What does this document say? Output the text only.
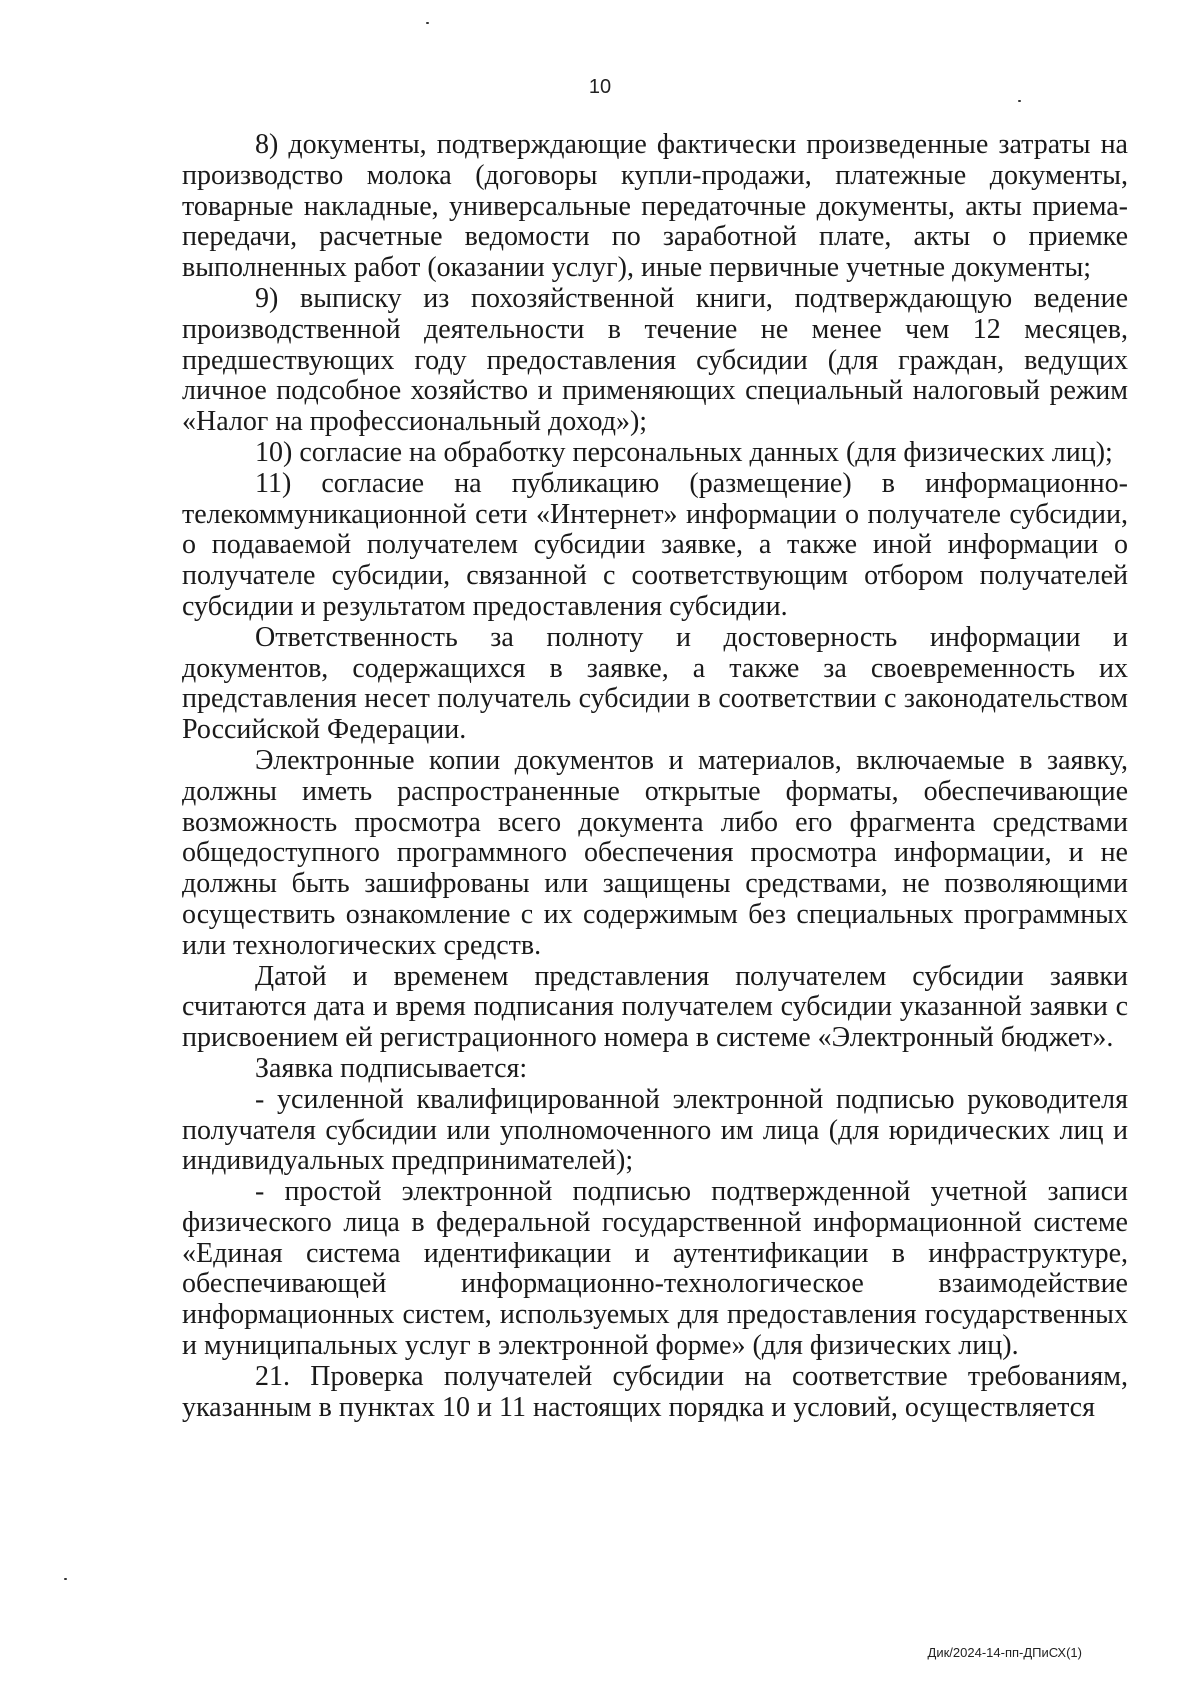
10

8) документы, подтверждающие фактически произведенные затраты на производство молока (договоры купли-продажи, платежные документы, товарные накладные, универсальные передаточные документы, акты приема-передачи, расчетные ведомости по заработной плате, акты о приемке выполненных работ (оказании услуг), иные первичные учетные документы;

9) выписку из похозяйственной книги, подтверждающую ведение производственной деятельности в течение не менее чем 12 месяцев, предшествующих году предоставления субсидии (для граждан, ведущих личное подсобное хозяйство и применяющих специальный налоговый режим «Налог на профессиональный доход»);

10) согласие на обработку персональных данных (для физических лиц);

11) согласие на публикацию (размещение) в информационно-телекоммуникационной сети «Интернет» информации о получателе субсидии, о подаваемой получателем субсидии заявке, а также иной информации о получателе субсидии, связанной с соответствующим отбором получателей субсидии и результатом предоставления субсидии.

Ответственность за полноту и достоверность информации и документов, содержащихся в заявке, а также за своевременность их представления несет получатель субсидии в соответствии с законодательством Российской Федерации.

Электронные копии документов и материалов, включаемые в заявку, должны иметь распространенные открытые форматы, обеспечивающие возможность просмотра всего документа либо его фрагмента средствами общедоступного программного обеспечения просмотра информации, и не должны быть зашифрованы или защищены средствами, не позволяющими осуществить ознакомление с их содержимым без специальных программных или технологических средств.

Датой и временем представления получателем субсидии заявки считаются дата и время подписания получателем субсидии указанной заявки с присвоением ей регистрационного номера в системе «Электронный бюджет».

Заявка подписывается:

- усиленной квалифицированной электронной подписью руководителя получателя субсидии или уполномоченного им лица (для юридических лиц и индивидуальных предпринимателей);

- простой электронной подписью подтвержденной учетной записи физического лица в федеральной государственной информационной системе «Единая система идентификации и аутентификации в инфраструктуре, обеспечивающей информационно-технологическое взаимодействие информационных систем, используемых для предоставления государственных и муниципальных услуг в электронной форме» (для физических лиц).

21. Проверка получателей субсидии на соответствие требованиям, указанным в пунктах 10 и 11 настоящих порядка и условий, осуществляется

Дик/2024-14-пп-ДПиСХ(1)
